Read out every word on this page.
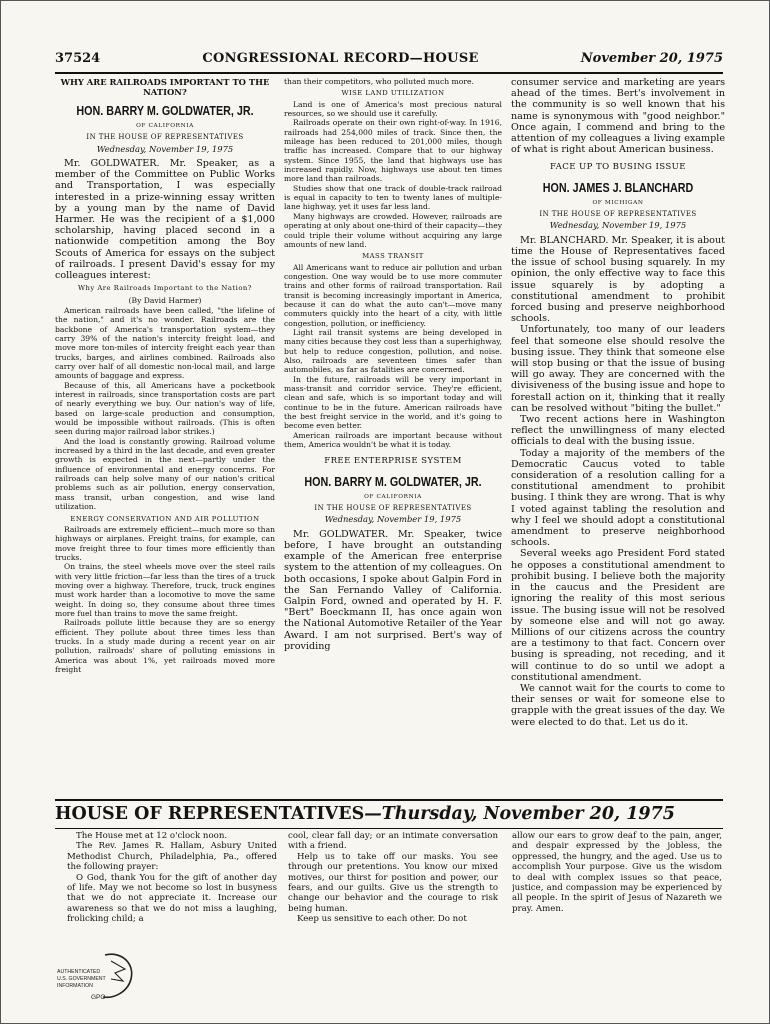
37524	CONGRESSIONAL RECORD—HOUSE	November 20, 1975
WHY ARE RAILROADS IMPORTANT TO THE NATION?
HON. BARRY M. GOLDWATER, JR.
OF CALIFORNIA
IN THE HOUSE OF REPRESENTATIVES
Wednesday, November 19, 1975

Mr. GOLDWATER. Mr. Speaker, as a member of the Committee on Public Works and Transportation, I was especially interested in a prize-winning essay written by a young man by the name of David Harmer. He was the recipient of a $1,000 scholarship, having placed second in a nationwide competition among the Boy Scouts of America for essays on the subject of railroads. I present David's essay for my colleagues interest:

Why Are Railroads Important to the Nation?

(By David Harmer)

American railroads have been called, "the lifeline of the nation," and it's no wonder. Railroads are the backbone of America's transportation system—they carry 39% of the nation's intercity freight load, and move more ton-miles of intercity freight each year than trucks, barges, and airlines combined. Railroads also carry over half of all domestic non-local mail, and large amounts of baggage and express.

Because of this, all Americans have a pocketbook interest in railroads, since transportation costs are part of nearly everything we buy. Our nation's way of life, based on large-scale production and consumption, would be impossible without railroads. (This is often seen during major railroad labor strikes.)

And the load is constantly growing. Railroad volume increased by a third in the last decade, and even greater growth is expected in the next—partly under the influence of environmental and energy concerns. For railroads can help solve many of our nation's critical problems such as air pollution, energy conservation, mass transit, urban congestion, and wise land utilization.

ENERGY CONSERVATION AND AIR POLLUTION

Railroads are extremely efficient—much more so than highways or airplanes. Freight trains, for example, can move freight three to four times more efficiently than trucks.

On trains, the steel wheels move over the steel rails with very little friction—far less than the tires of a truck moving over a highway. Therefore, truck, truck engines must work harder than a locomotive to move the same weight. In doing so, they consume about three times more fuel than trains to move the same freight.

Railroads pollute little because they are so energy efficient. They pollute about three times less than trucks. In a study made during a recent year on air pollution, railroads' share of polluting emissions in America was about 1%, yet railroads moved more freight

than their competitors, who polluted much more.

WISE LAND UTILIZATION

Land is one of America's most precious natural resources, so we should use it carefully.

Railroads operate on their own right-of-way. In 1916, railroads had 254,000 miles of track. Since then, the mileage has been reduced to 201,000 miles, though traffic has increased. Compare that to our highway system. Since 1955, the land that highways use has increased rapidly. Now, highways use about ten times more land than railroads.

Studies show that one track of double-track railroad is equal in capacity to ten to twenty lanes of multiple-lane highway, yet it uses far less land.

Many highways are crowded. However, railroads are operating at only about one-third of their capacity—they could triple their volume without acquiring any large amounts of new land.

MASS TRANSIT

All Americans want to reduce air pollution and urban congestion. One way would be to use more commuter trains and other forms of railroad transportation. Rail transit is becoming increasingly important in America, because it can do what the auto can't—move many commuters quickly into the heart of a city, with little congestion, pollution, or inefficiency.

Light rail transit systems are being developed in many cities because they cost less than a superhighway, but help to reduce congestion, pollution, and noise. Also, railroads are seventeen times safer than automobiles, as far as fatalities are concerned.

In the future, railroads will be very important in mass-transit and corridor service. They're efficient, clean and safe, which is so important today and will continue to be in the future. American railroads have the best freight service in the world, and it's going to become even better.

American railroads are important because without them, America wouldn't be what it is today.

FREE ENTERPRISE SYSTEM
HON. BARRY M. GOLDWATER, JR.
OF CALIFORNIA
IN THE HOUSE OF REPRESENTATIVES
Wednesday, November 19, 1975

Mr. GOLDWATER. Mr. Speaker, twice before, I have brought an outstanding example of the American free enterprise system to the attention of my colleagues. On both occasions, I spoke about Galpin Ford in the San Fernando Valley of California. Galpin Ford, owned and operated by H. F. "Bert" Boeckmann II, has once again won the National Automotive Retailer of the Year Award. I am not surprised. Bert's way of providing

consumer service and marketing are years ahead of the times. Bert's involvement in the community is so well known that his name is synonymous with "good neighbor." Once again, I commend and bring to the attention of my colleagues a living example of what is right about American business.

FACE UP TO BUSING ISSUE
HON. JAMES J. BLANCHARD
OF MICHIGAN
IN THE HOUSE OF REPRESENTATIVES
Wednesday, November 19, 1975

Mr. BLANCHARD. Mr. Speaker, it is about time the House of Representatives faced the issue of school busing squarely. In my opinion, the only effective way to face this issue squarely is by adopting a constitutional amendment to prohibit forced busing and preserve neighborhood schools.

Unfortunately, too many of our leaders feel that someone else should resolve the busing issue. They think that someone else will stop busing or that the issue of busing will go away. They are concerned with the divisiveness of the busing issue and hope to forestall action on it, thinking that it really can be resolved without "biting the bullet."

Two recent actions here in Washington reflect the unwillingness of many elected officials to deal with the busing issue.

Today a majority of the members of the Democratic Caucus voted to table consideration of a resolution calling for a constitutional amendment to prohibit busing. I think they are wrong. That is why I voted against tabling the resolution and why I feel we should adopt a constitutional amendment to preserve neighborhood schools.

Several weeks ago President Ford stated he opposes a constitutional amendment to prohibit busing. I believe both the majority in the caucus and the President are ignoring the reality of this most serious issue. The busing issue will not be resolved by someone else and will not go away. Millions of our citizens across the country are a testimony to that fact. Concern over busing is spreading, not receding, and it will continue to do so until we adopt a constitutional amendment.

We cannot wait for the courts to come to their senses or wait for someone else to grapple with the great issues of the day. We were elected to do that. Let us do it.

HOUSE OF REPRESENTATIVES —Thursday, November 20, 1975

The House met at 12 o'clock noon.

The Rev. James R. Hallam, Asbury United Methodist Church, Philadelphia, Pa., offered the following prayer:

O God, thank You for the gift of another day of life. May we not become so lost in busyness that we do not appreciate it. Increase our awareness so that we do not miss a laughing, frolicking child; a

cool, clear fall day; or an intimate conversation with a friend.

Help us to take off our masks. You see through our pretentions. You know our mixed motives, our thirst for position and power, our fears, and our guilts. Give us the strength to change our behavior and the courage to risk being human.

Keep us sensitive to each other. Do not

allow our ears to grow deaf to the pain, anger, and despair expressed by the jobless, the oppressed, the hungry, and the aged. Use us to accomplish Your purpose. Give us the wisdom to deal with complex issues so that peace, justice, and compassion may be experienced by all people. In the spirit of Jesus of Nazareth we pray. Amen.

AUTHENTICATED
U.S. GOVERNMENT
INFORMATION
GPO
